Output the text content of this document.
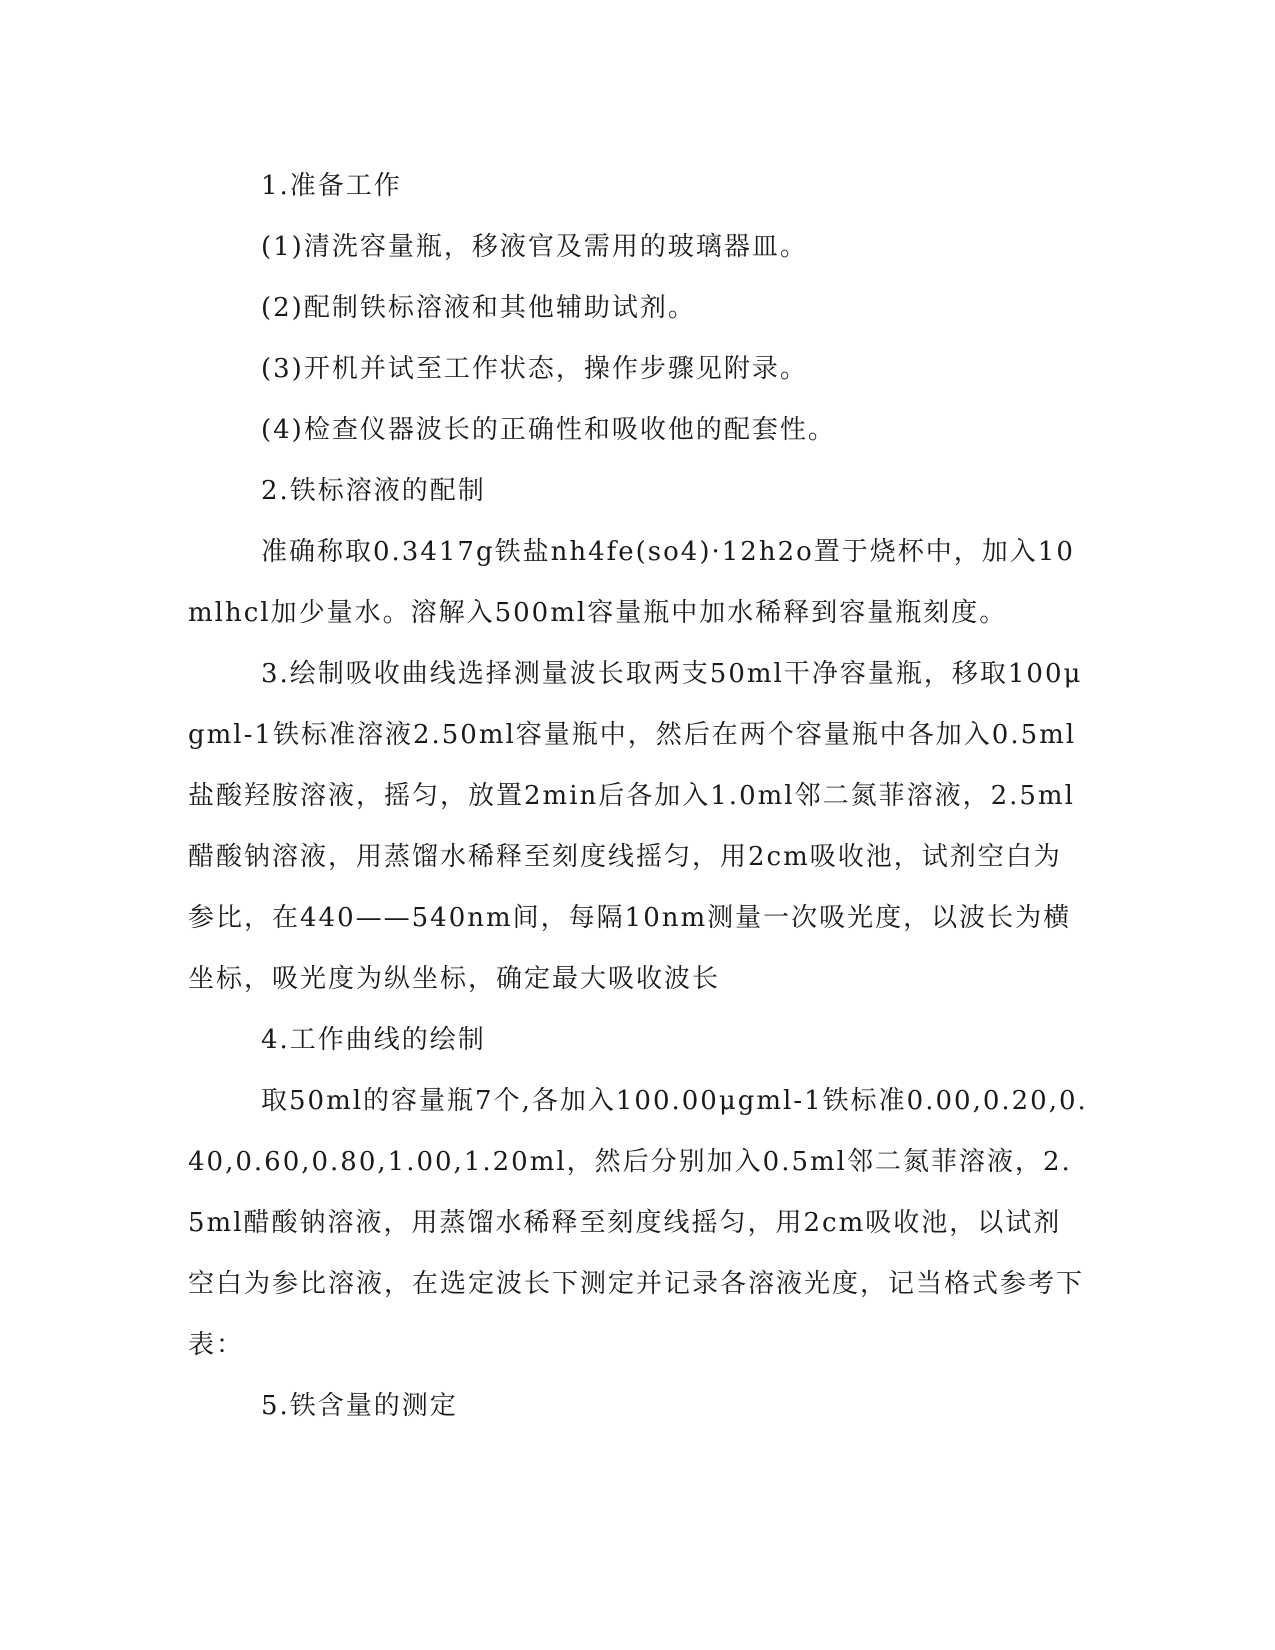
1.准备工作

(1)清洗容量瓶，移液官及需用的玻璃器皿。

(2)配制铁标溶液和其他辅助试剂。

(3)开机并试至工作状态，操作步骤见附录。

(4)检查仪器波长的正确性和吸收他的配套性。

2.铁标溶液的配制

准确称取0.3417g铁盐nh4fe(so4)·12h2o置于烧杯中，加入10mlhcl加少量水。溶解入500ml容量瓶中加水稀释到容量瓶刻度。

3.绘制吸收曲线选择测量波长取两支50ml干净容量瓶，移取100μgml-1铁标准溶液2.50ml容量瓶中，然后在两个容量瓶中各加入0.5ml盐酸羟胺溶液，摇匀，放置2min后各加入1.0ml邻二氮菲溶液，2.5ml醋酸钠溶液，用蒸馏水稀释至刻度线摇匀，用2cm吸收池，试剂空白为参比，在440——540nm间，每隔10nm测量一次吸光度，以波长为横坐标，吸光度为纵坐标，确定最大吸收波长

4.工作曲线的绘制

取50ml的容量瓶7个,各加入100.00μgml-1铁标准0.00,0.20,0.40,0.60,0.80,1.00,1.20ml，然后分别加入0.5ml邻二氮菲溶液，2.5ml醋酸钠溶液，用蒸馏水稀释至刻度线摇匀，用2cm吸收池，以试剂空白为参比溶液，在选定波长下测定并记录各溶液光度，记当格式参考下表：

5.铁含量的测定
